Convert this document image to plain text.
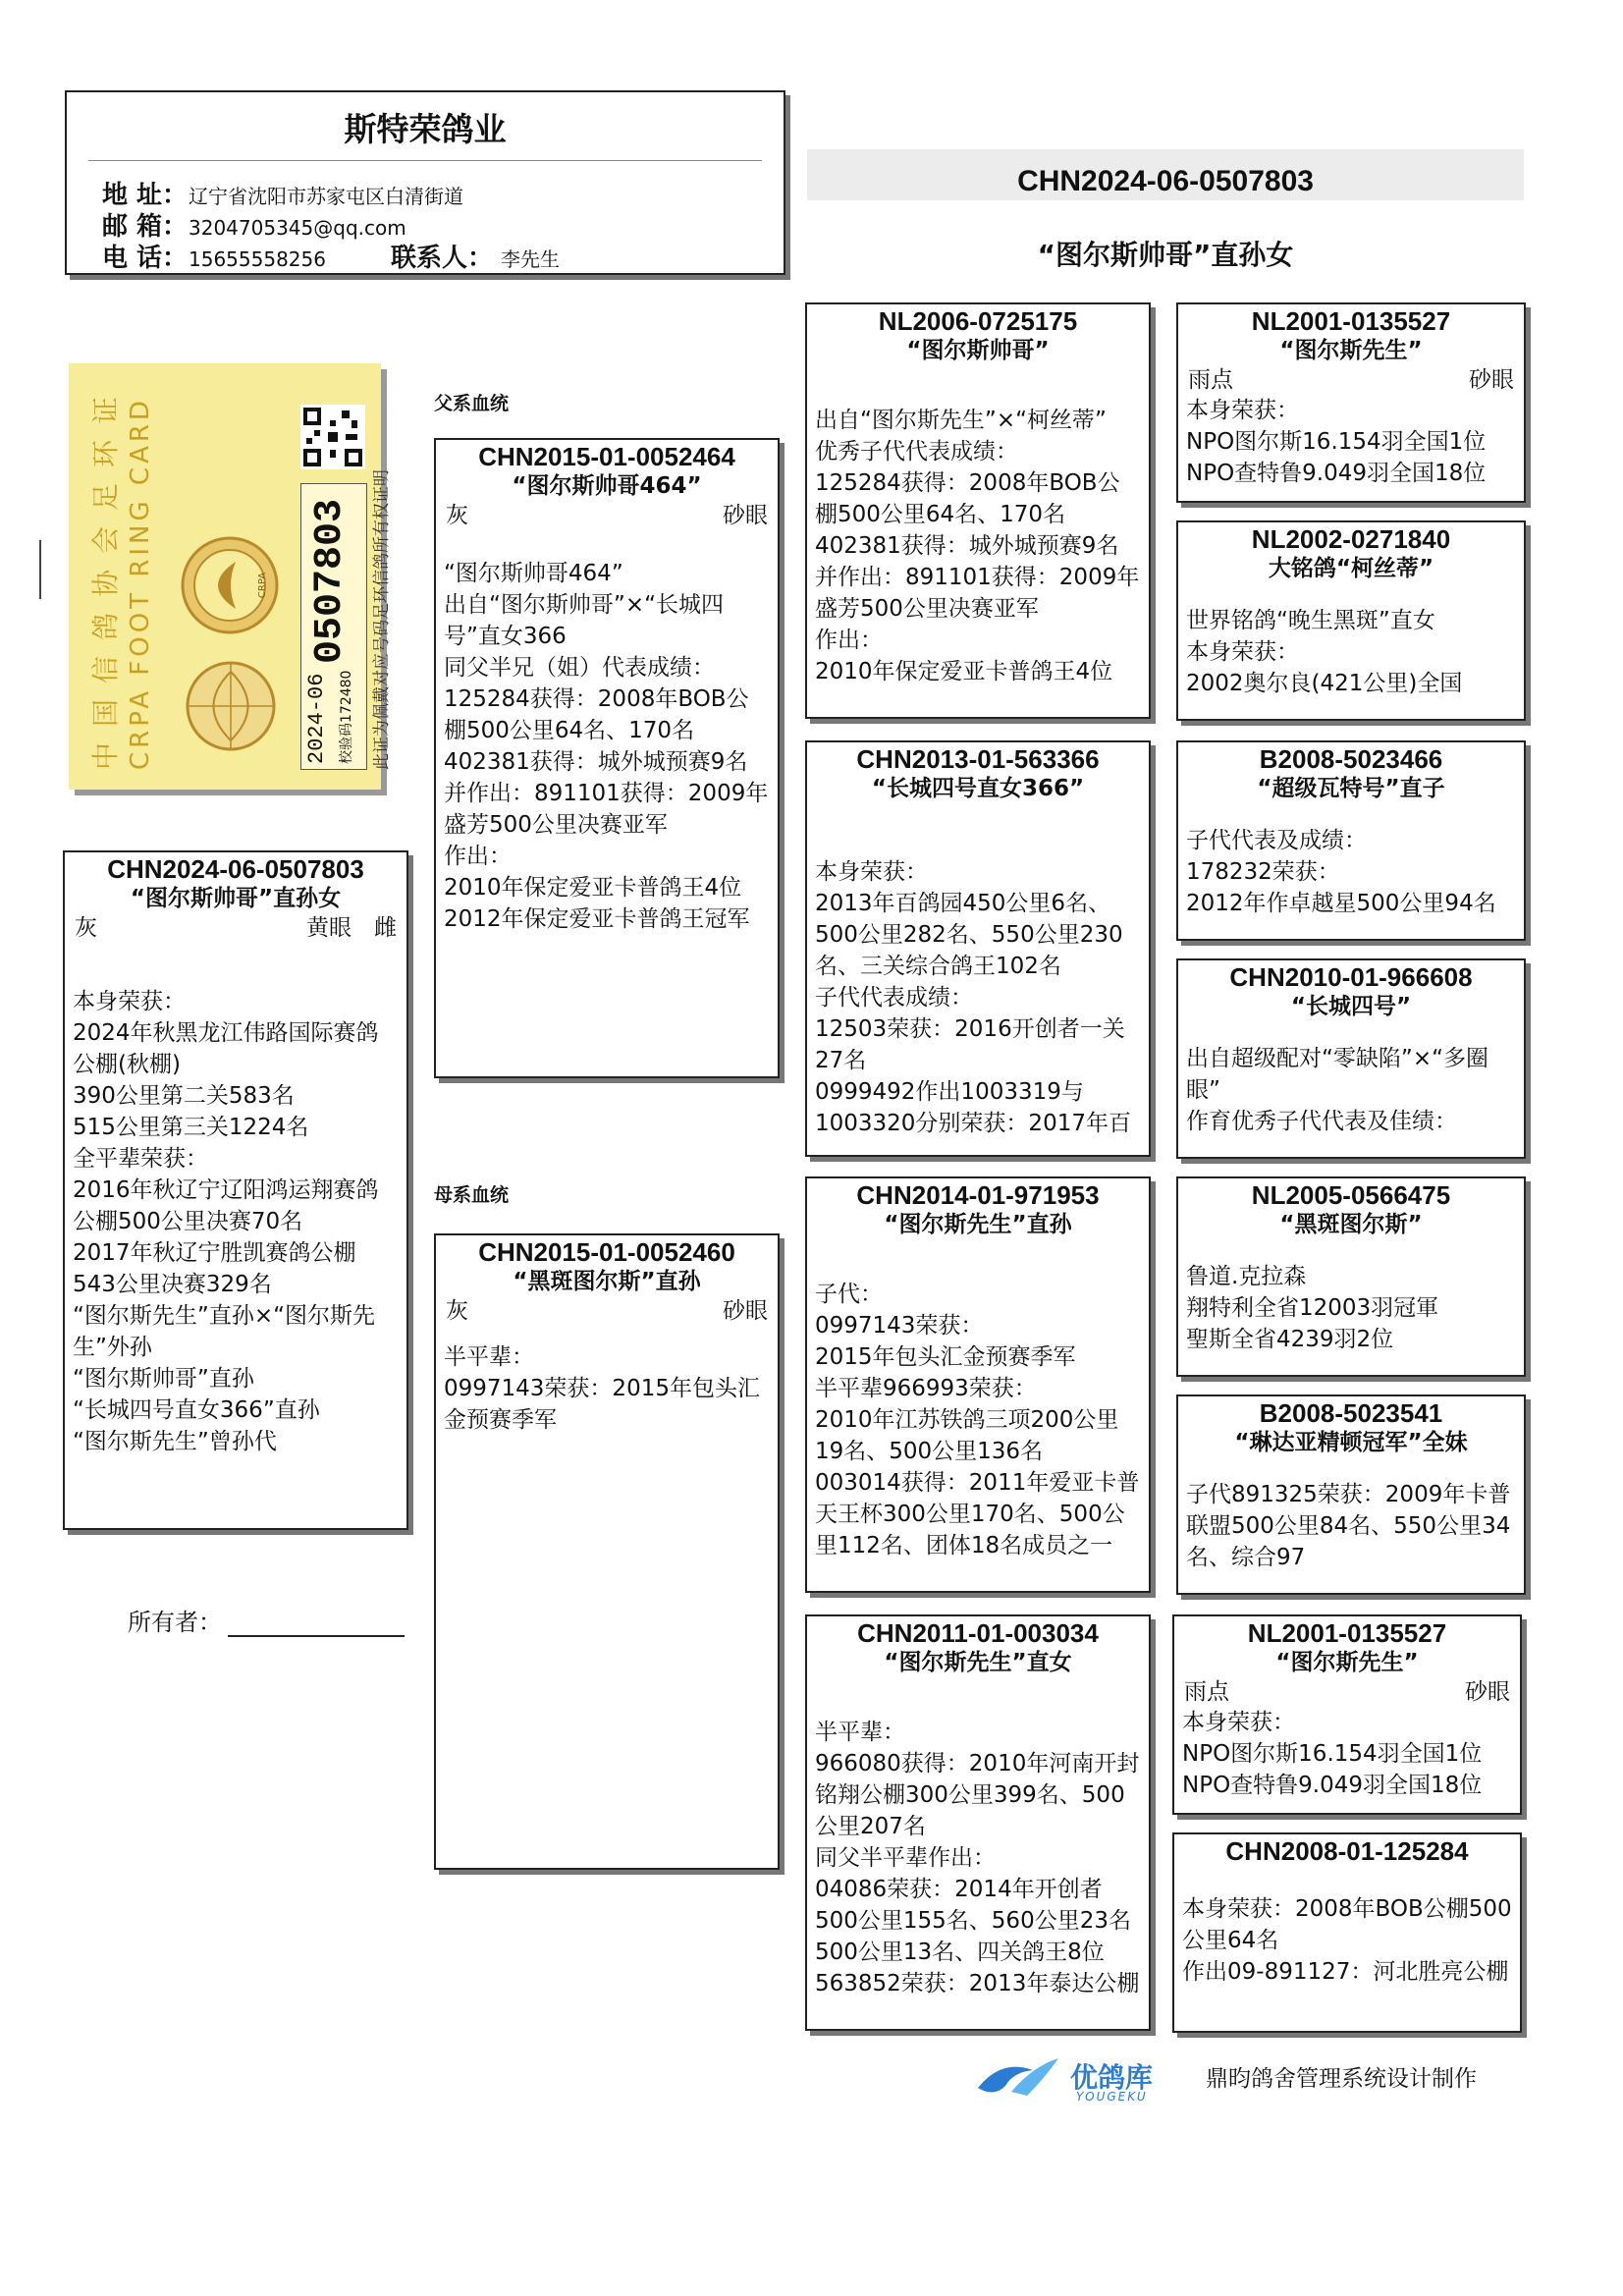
斯特荣鸽业
地 址：辽宁省沈阳市苏家屯区白清街道
邮 箱：3204705345@qq.com
电 话：15655558256	联系人： 李先生
中国信鸽协会足环证 CRPA FOOT RING CARD	CRPA
2024-06
0507803
校验码172480 此证为佩戴对应号码足环信鸽所有权证明
CHN2024-06-0507803
“图尔斯帅哥”直孙女
父系血统
母系血统
CHN2024-06-0507803
“图尔斯帅哥”直孙女
灰	黄眼　雌
本身荣获：
2024年秋黑龙江伟路国际赛鸽公棚(秋棚)
390公里第二关583名
515公里第三关1224名
全平辈荣获：
2016年秋辽宁辽阳鸿运翔赛鸽公棚500公里决赛70名
2017年秋辽宁胜凯赛鸽公棚543公里决赛329名
“图尔斯先生”直孙×“图尔斯先生”外孙
“图尔斯帅哥”直孙
“长城四号直女366”直孙
“图尔斯先生”曾孙代
CHN2015-01-0052464
“图尔斯帅哥464”
灰	砂眼
“图尔斯帅哥464”
出自“图尔斯帅哥”×“长城四号”直女366
同父半兄（姐）代表成绩：
125284获得：2008年BOB公棚500公里64名、170名
402381获得：城外城预赛9名
并作出：891101获得：2009年盛芳500公里决赛亚军
作出：
2010年保定爱亚卡普鸽王4位
2012年保定爱亚卡普鸽王冠军
CHN2015-01-0052460
“黑斑图尔斯”直孙
灰	砂眼
半平辈：
0997143荣获：2015年包头汇金预赛季军
NL2006-0725175
“图尔斯帅哥”
出自“图尔斯先生”×“柯丝蒂”
优秀子代代表成绩：
125284获得：2008年BOB公棚500公里64名、170名
402381获得：城外城预赛9名
并作出：891101获得：2009年盛芳500公里决赛亚军
作出：
2010年保定爱亚卡普鸽王4位
CHN2013-01-563366
“长城四号直女366”
本身荣获：
2013年百鸽园450公里6名、500公里282名、550公里230名、三关综合鸽王102名
子代代表成绩：
12503荣获：2016开创者一关27名
0999492作出1003319与1003320分别荣获：2017年百
CHN2014-01-971953
“图尔斯先生”直孙
子代：
0997143荣获：
2015年包头汇金预赛季军
半平辈966993荣获：
2010年江苏铁鸽三项200公里19名、500公里136名
003014获得：2011年爱亚卡普天王杯300公里170名、500公里112名、团体18名成员之一
CHN2011-01-003034
“图尔斯先生”直女
半平辈：
966080获得：2010年河南开封铭翔公棚300公里399名、500公里207名
同父半平辈作出：
04086荣获：2014年开创者500公里155名、560公里23名
500公里13名、四关鸽王8位
563852荣获：2013年泰达公棚
NL2001-0135527
“图尔斯先生”
雨点	砂眼
本身荣获：
NPO图尔斯16.154羽全国1位
NPO查特鲁9.049羽全国18位
NL2002-0271840
大铭鸽“柯丝蒂”
世界铭鸽“晚生黑斑”直女
本身荣获：
2002奥尔良(421公里)全国
B2008-5023466
“超级瓦特号”直子
子代代表及成绩：
178232荣获：
2012年作卓越星500公里94名
CHN2010-01-966608
“长城四号”
出自超级配对“零缺陷”×“多圈眼”
作育优秀子代代表及佳绩：
NL2005-0566475
“黑斑图尔斯”
鲁道.克拉森
翔特利全省12003羽冠軍
聖斯全省4239羽2位
B2008-5023541
“琳达亚精顿冠军”全妹
子代891325荣获：2009年卡普联盟500公里84名、550公里34名、综合97
NL2001-0135527
“图尔斯先生”
雨点	砂眼
本身荣获：
NPO图尔斯16.154羽全国1位
NPO查特鲁9.049羽全国18位
CHN2008-01-125284
本身荣获：2008年BOB公棚500公里64名
作出09-891127：河北胜亮公棚
所有者：
优鸽库
YOUGEKU
鼎昀鸽舍管理系统设计制作
